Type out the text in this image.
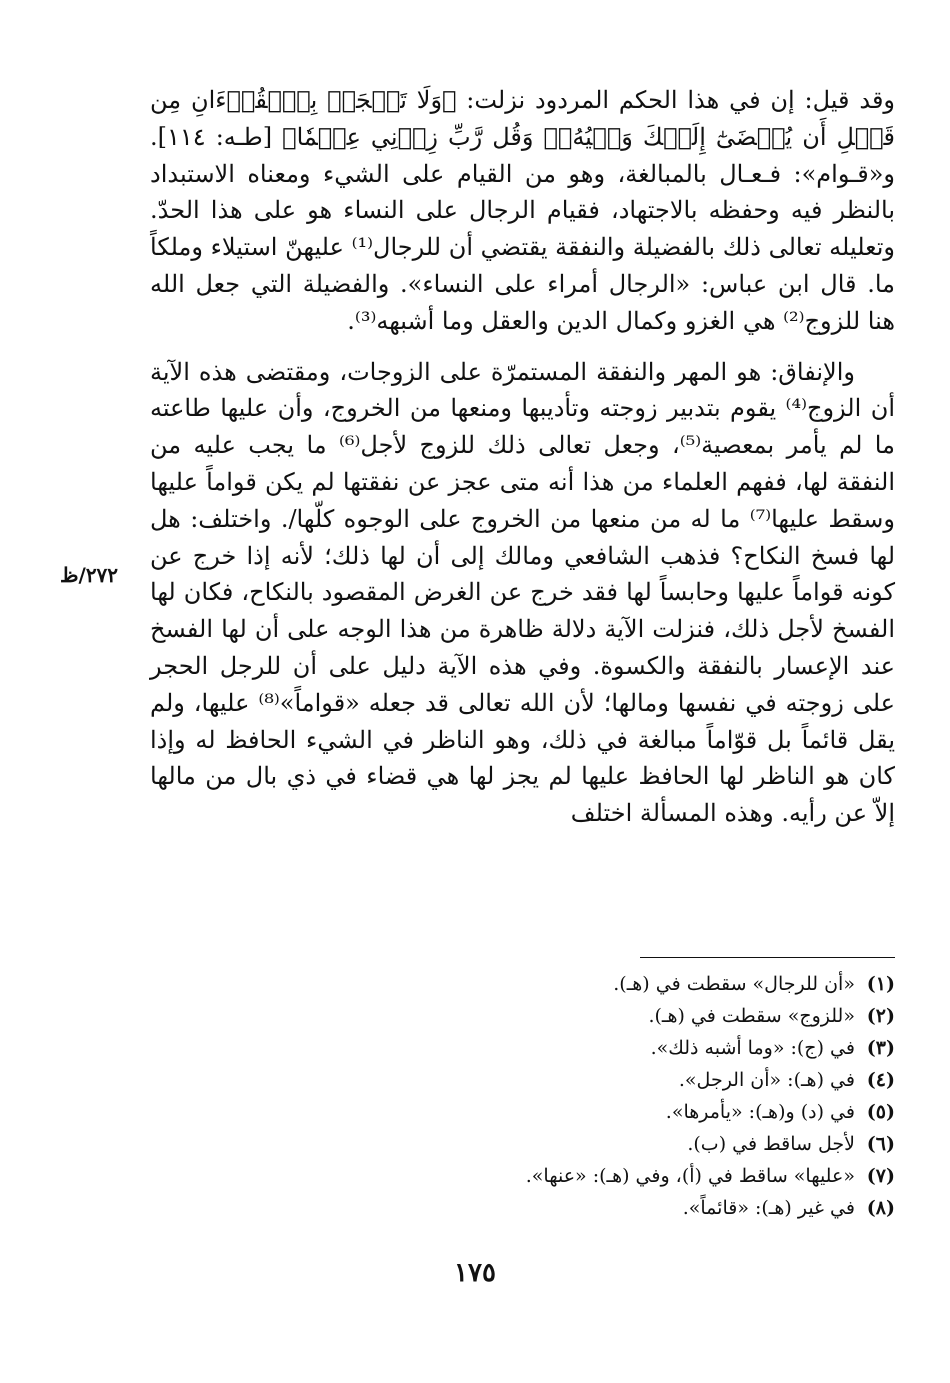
وقد قيل: إن في هذا الحكم المردود نزلت: ﴿وَلَا تَعۡجَلۡ بِٱلۡقُرۡءَانِ مِن قَبۡلِ أَن يُقۡضَىٰٓ إِلَيۡكَ وَحۡيُهُۥۖ وَقُل رَّبِّ زِدۡنِي عِلۡمٗا﴾ [طـه: ١١٤]. و«قـوام»: فـعـال بالمبالغة، وهو من القيام على الشيء ومعناه الاستبداد بالنظر فيه وحفظه بالاجتهاد، فقيام الرجال على النساء هو على هذا الحدّ. وتعليله تعالى ذلك بالفضيلة والنفقة يقتضي أن للرجال⁽¹⁾ عليهنّ استيلاء وملكاً ما. قال ابن عباس: «الرجال أمراء على النساء». والفضيلة التي جعل الله هنا للزوج⁽²⁾ هي الغزو وكمال الدين والعقل وما أشبهه⁽³⁾.

والإنفاق: هو المهر والنفقة المستمرّة على الزوجات، ومقتضى هذه الآية أن الزوج⁽⁴⁾ يقوم بتدبير زوجته وتأديبها ومنعها من الخروج، وأن عليها طاعته ما لم يأمر بمعصية⁽⁵⁾، وجعل تعالى ذلك للزوج لأجل⁽⁶⁾ ما يجب عليه من النفقة لها، ففهم العلماء من هذا أنه متى عجز عن نفقتها لم يكن قواماً عليها وسقط عليها⁽⁷⁾ ما له من منعها من الخروج على الوجوه كلّها/. واختلف: هل لها فسخ النكاح؟ فذهب الشافعي ومالك إلى أن لها ذلك؛ لأنه إذا خرج عن كونه قواماً عليها وحابساً لها فقد خرج عن الغرض المقصود بالنكاح، فكان لها الفسخ لأجل ذلك، فنزلت الآية دلالة ظاهرة من هذا الوجه على أن لها الفسخ عند الإعسار بالنفقة والكسوة. وفي هذه الآية دليل على أن للرجل الحجر على زوجته في نفسها ومالها؛ لأن الله تعالى قد جعله «قواماً»⁽⁸⁾ عليها، ولم يقل قائماً بل قوّاماً مبالغة في ذلك، وهو الناظر في الشيء الحافظ له وإذا كان هو الناظر لها الحافظ عليها لم يجز لها هي قضاء في ذي بال من مالها إلاّ عن رأيه. وهذه المسألة اختلف

٢٧٢/ظ
(١) «أن للرجال» سقطت في (هـ).
(٢) «للزوج» سقطت في (هـ).
(٣) في (ج): «وما أشبه ذلك».
(٤) في (هـ): «أن الرجل».
(٥) في (د) و(هـ): «يأمرها».
(٦) لأجل ساقط في (ب).
(٧) «عليها» ساقط في (أ)، وفي (هـ): «عنها».
(٨) في غير (هـ): «قائماً».
١٧٥
